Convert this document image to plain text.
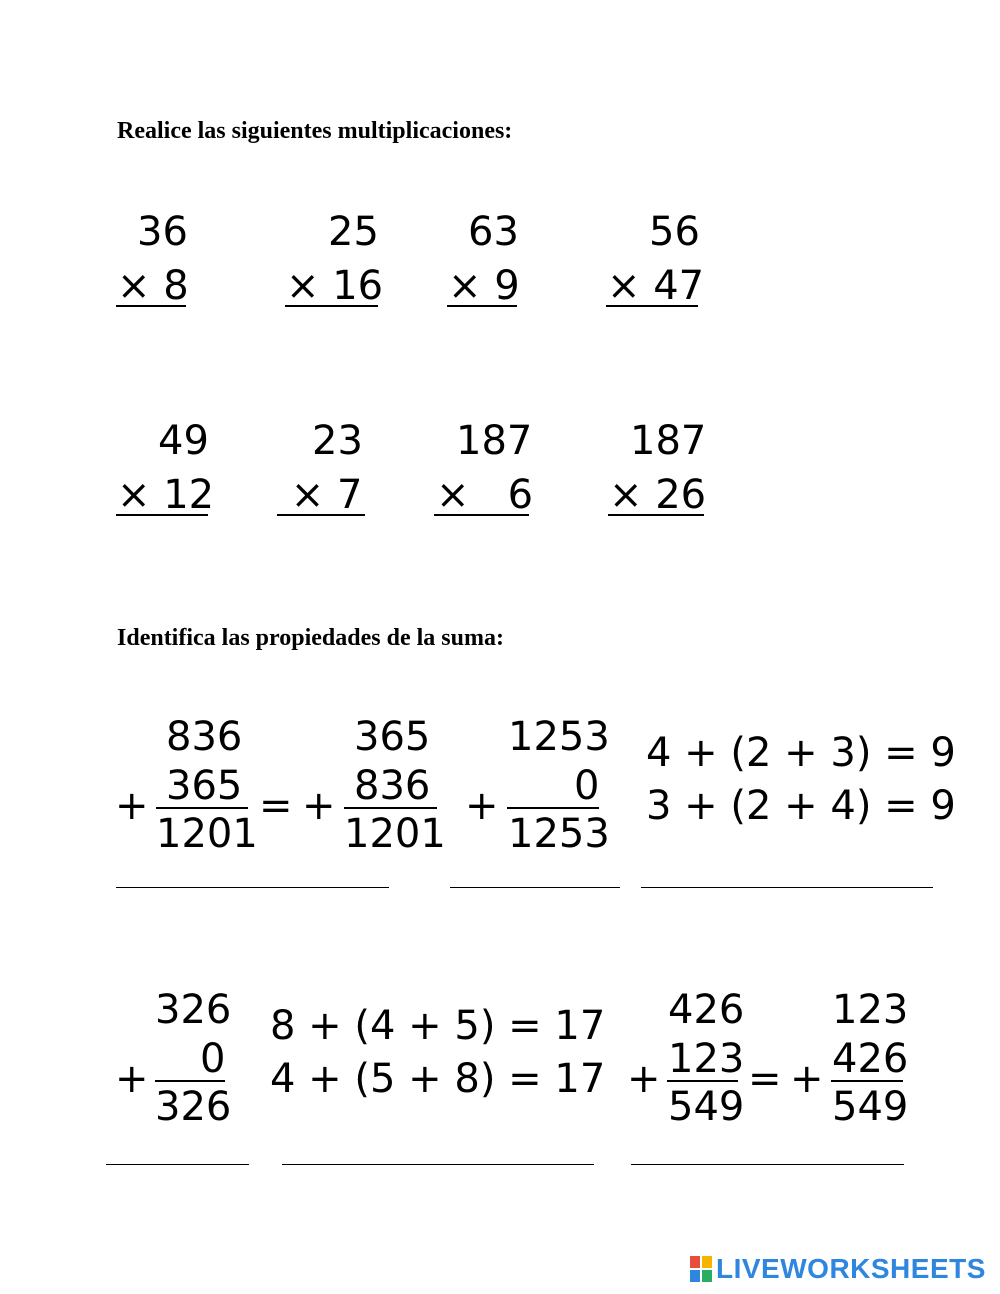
Realice las siguientes multiplicaciones:
36
× 8
25
× 16
63
× 9
56
× 47
49
× 12
23
× 7
187
×   6
187
× 26
Identifica las propiedades de la suma:
836
+ 365
1201
=
365
+ 836
1201
1253
+ 0
1253
4 + (2 + 3) = 9
3 + (2 + 4) = 9
326
+ 0
326
8 + (4 + 5) = 17
4 + (5 + 8) = 17
426
+ 123
549
=
123
+ 426
549
LIVEWORKSHEETS
